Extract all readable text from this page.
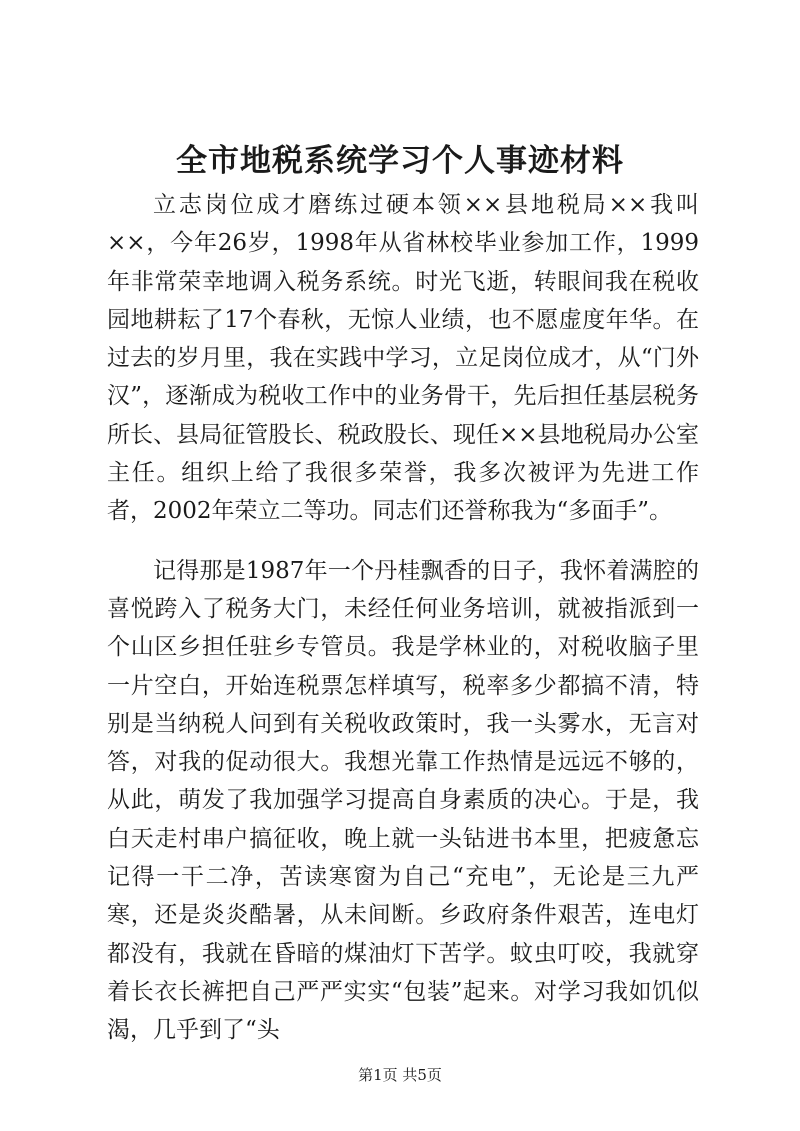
全市地税系统学习个人事迹材料

立志岗位成才磨练过硬本领××县地税局××我叫××，今年26岁，1998年从省林校毕业参加工作，1999年非常荣幸地调入税务系统。时光飞逝，转眼间我在税收园地耕耘了17个春秋，无惊人业绩，也不愿虚度年华。在过去的岁月里，我在实践中学习，立足岗位成才，从“门外汉”，逐渐成为税收工作中的业务骨干，先后担任基层税务所长、县局征管股长、税政股长、现任××县地税局办公室主任。组织上给了我很多荣誉，我多次被评为先进工作者，2002年荣立二等功。同志们还誉称我为“多面手”。

记得那是1987年一个丹桂飘香的日子，我怀着满腔的喜悦跨入了税务大门，未经任何业务培训，就被指派到一个山区乡担任驻乡专管员。我是学林业的，对税收脑子里一片空白，开始连税票怎样填写，税率多少都搞不清，特别是当纳税人问到有关税收政策时，我一头雾水，无言对答，对我的促动很大。我想光靠工作热情是远远不够的，从此，萌发了我加强学习提高自身素质的决心。于是，我白天走村串户搞征收，晚上就一头钻进书本里，把疲惫忘记得一干二净，苦读寒窗为自己“充电”，无论是三九严寒，还是炎炎酷暑，从未间断。乡政府条件艰苦，连电灯都没有，我就在昏暗的煤油灯下苦学。蚊虫叮咬，我就穿着长衣长裤把自己严严实实“包装”起来。对学习我如饥似渴，几乎到了“头

第1页 共5页
